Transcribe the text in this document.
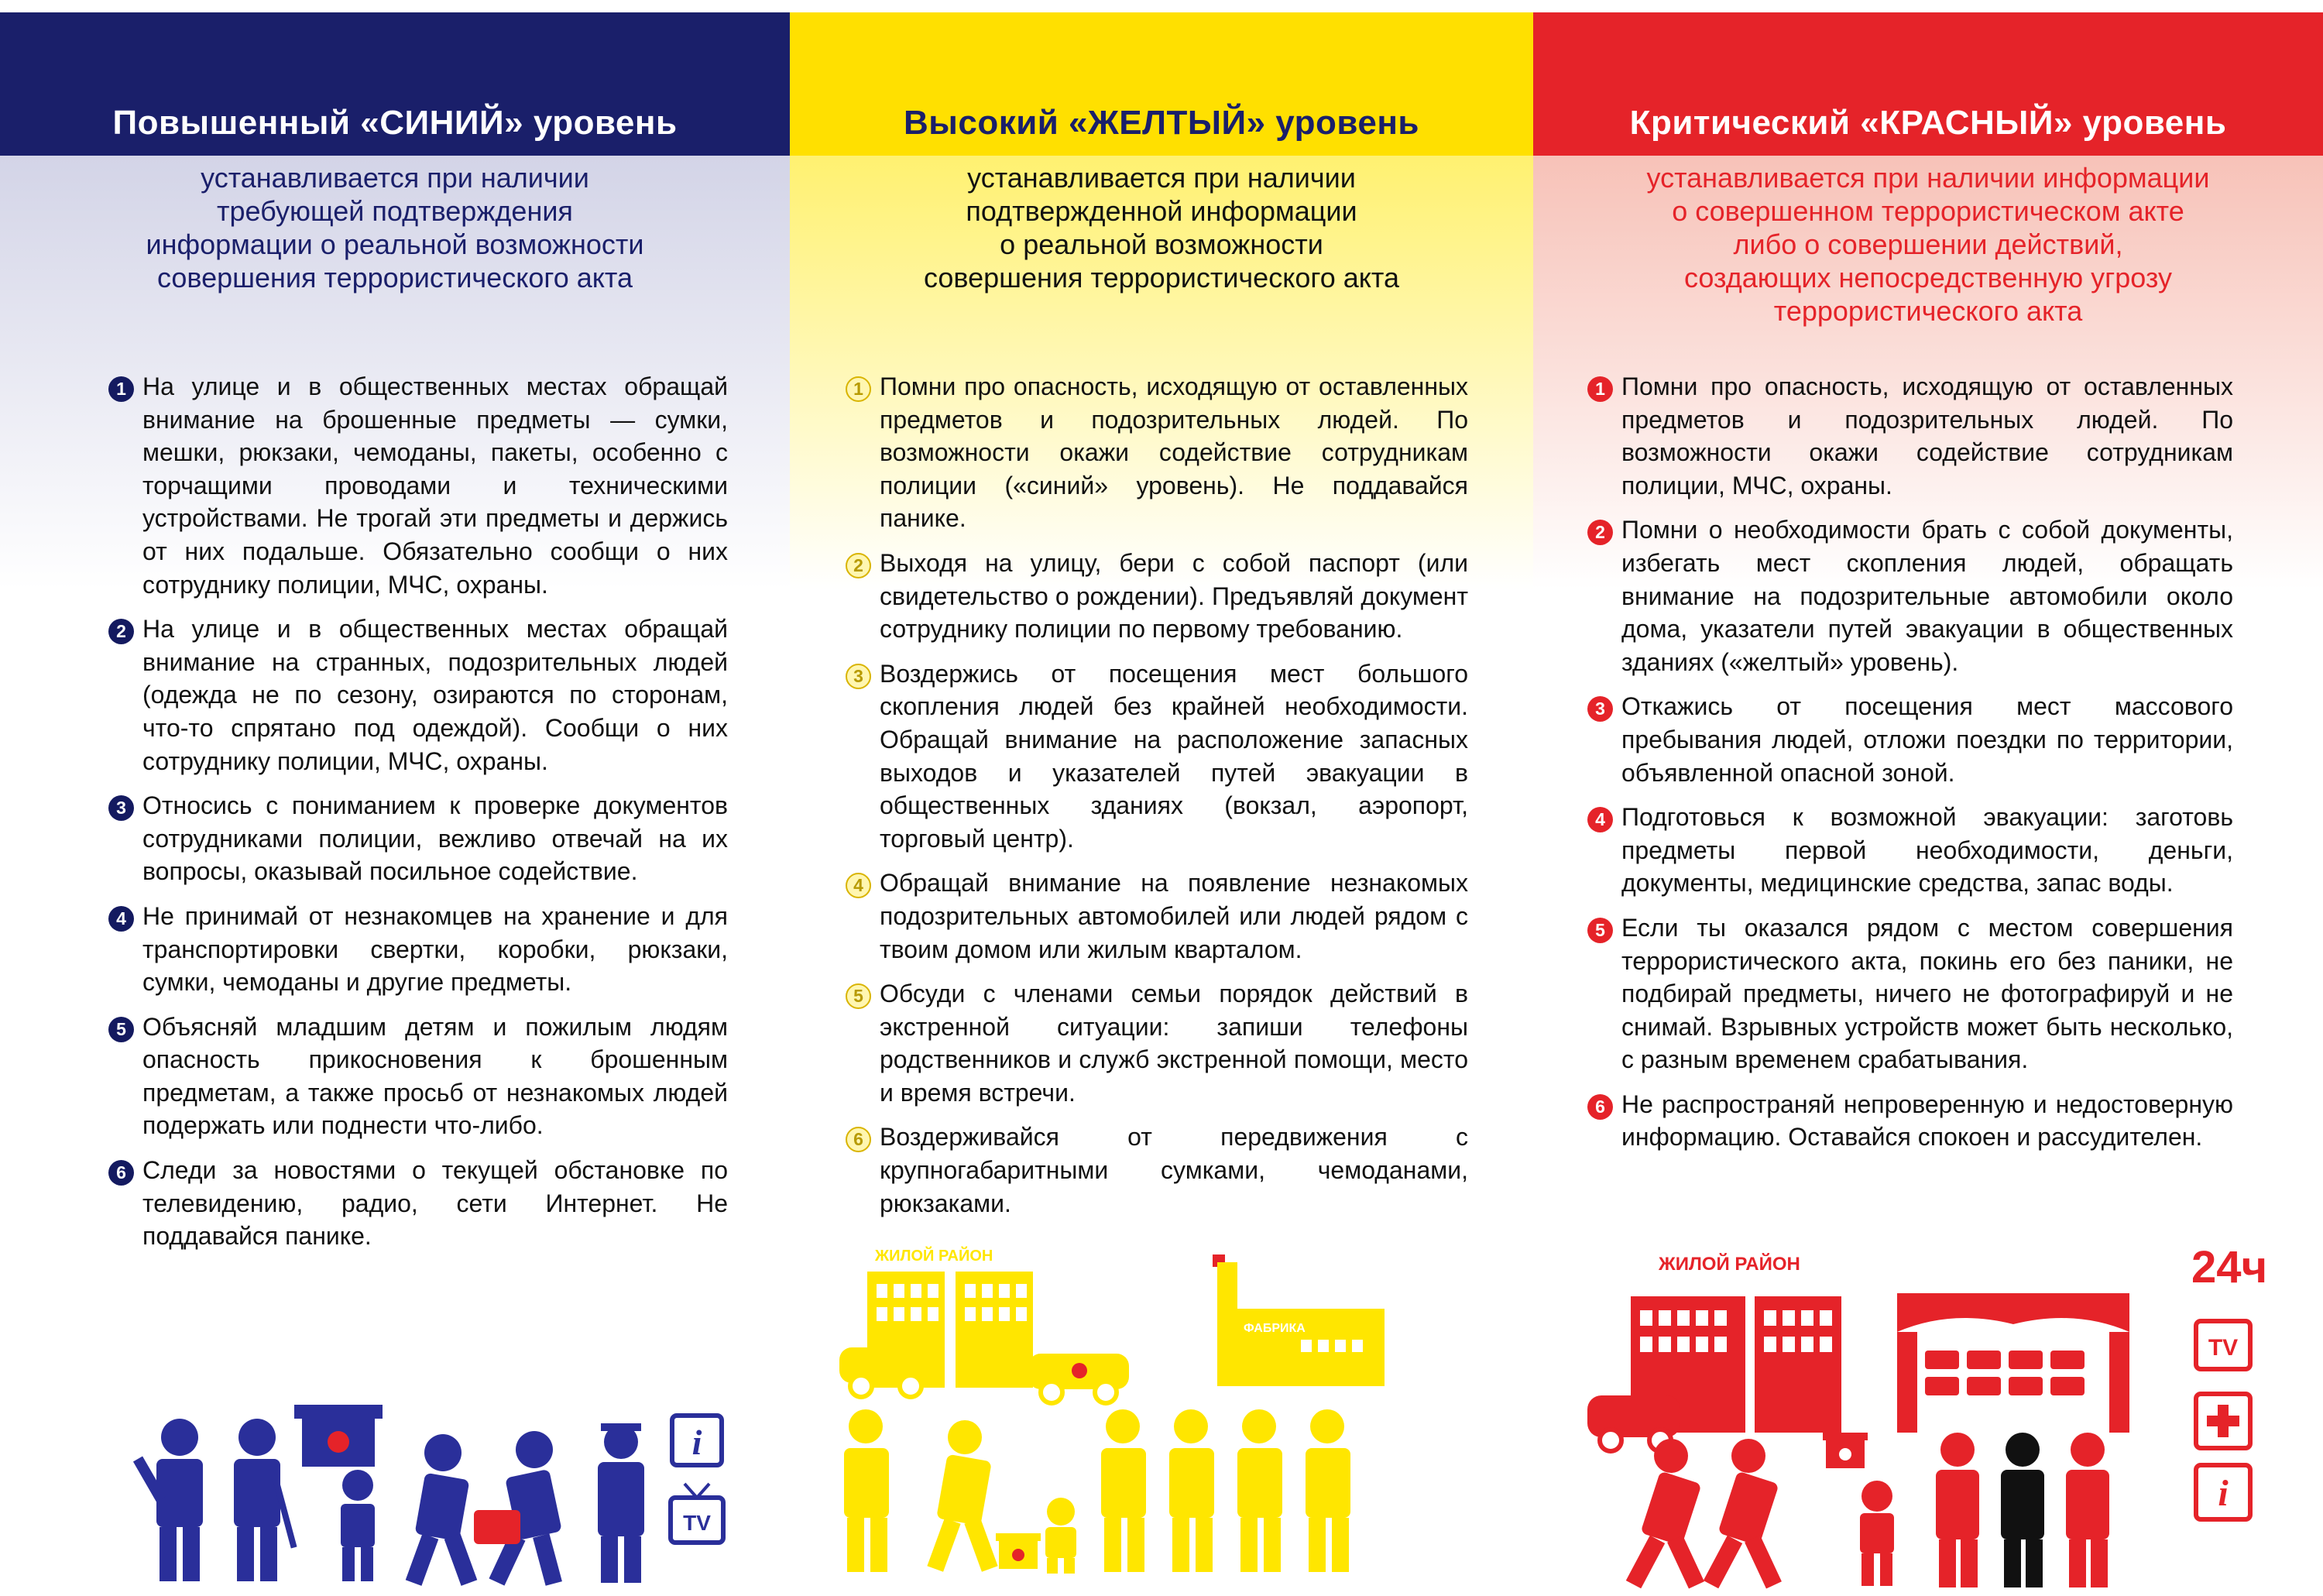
Повышенный «СИНИЙ» уровень

устанавливается при наличии
требующей подтверждения
информации о реальной возможности
совершения террористического акта

1 На улице и в общественных местах обращай внимание на брошенные предметы — сумки, мешки, рюкзаки, чемоданы, пакеты, особенно с торчащими проводами и техническими устройствами. Не трогай эти предметы и держись от них подальше. Обязательно сообщи о них сотруднику полиции, МЧС, охраны.
2 На улице и в общественных местах обращай внимание на странных, подозрительных людей (одежда не по сезону, озираются по сторонам, что-то спрятано под одеждой). Сообщи о них сотруднику полиции, МЧС, охраны.
3 Относись с пониманием к проверке документов сотрудниками полиции, вежливо отвечай на их вопросы, оказывай посильное содействие.
4 Не принимай от незнакомцев на хранение и для транспортировки свертки, коробки, рюкзаки, сумки, чемоданы и другие предметы.
5 Объясняй младшим детям и пожилым людям опасность прикосновения к брошенным предметам, а также просьб от незнакомых людей подержать или поднести что-либо.
6 Следи за новостями о текущей обстановке по телевидению, радио, сети Интернет. Не поддавайся панике.
i
TV
Высокий «ЖЕЛТЫЙ» уровень

устанавливается при наличии
подтвержденной информации
о реальной возможности
совершения террористического акта

1 Помни про опасность, исходящую от оставленных предметов и подозрительных людей. По возможности окажи содействие сотрудникам полиции («синий» уровень). Не поддавайся панике.
2 Выходя на улицу, бери с собой паспорт (или свидетельство о рождении). Предъявляй документ сотруднику полиции по первому требованию.
3 Воздержись от посещения мест большого скопления людей без крайней необходимости. Обращай внимание на расположение запасных выходов и указателей путей эвакуации в общественных зданиях (вокзал, аэропорт, торговый центр).
4 Обращай внимание на появление незнакомых подозрительных автомобилей или людей рядом с твоим домом или жилым кварталом.
5 Обсуди с членами семьи порядок действий в экстренной ситуации: запиши телефоны родственников и служб экстренной помощи, место и время встречи.
6 Воздерживайся от передвижения с крупногабаритными сумками, чемоданами, рюкзаками.
ЖИЛОЙ РАЙОН
ФАБРИКА
Критический «КРАСНЫЙ» уровень

устанавливается при наличии информации
о совершенном террористическом акте
либо о совершении действий,
создающих непосредственную угрозу
террористического акта

1 Помни про опасность, исходящую от оставленных предметов и подозрительных людей. По возможности окажи содействие сотрудникам полиции, МЧС, охраны.
2 Помни о необходимости брать с собой документы, избегать мест скопления людей, обращать внимание на подозрительные автомобили около дома, указатели путей эвакуации в общественных зданиях («желтый» уровень).
3 Откажись от посещения мест массового пребывания людей, отложи поездки по территории, объявленной опасной зоной.
4 Подготовься к возможной эвакуации: заготовь предметы первой необходимости, деньги, документы, медицинские средства, запас воды.
5 Если ты оказался рядом с местом совершения террористического акта, покинь его без паники, не подбирай предметы, ничего не фотографируй и не снимай. Взрывных устройств может быть несколько, с разным временем срабатывания.
6 Не распространяй непроверенную и недостоверную информацию. Оставайся спокоен и рассудителен.
ЖИЛОЙ РАЙОН	24ч
TV
i
